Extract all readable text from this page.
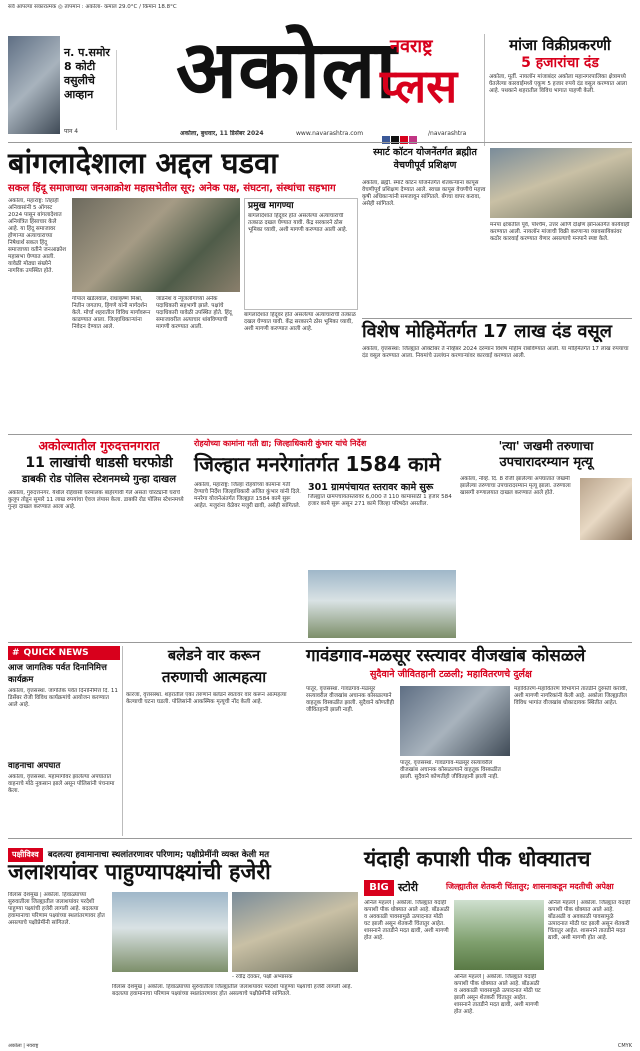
सर्व आपल्या सकारात्मक ◎ तापमान : अकोला- कमाल 29.0°C / किमान 18.8°C
न. प.समोर 8 कोटी वसुलीचे आव्हान अकोला
नवराष्ट्र
प्लस
पान 4	अकोला, बुधवार, 11 डिसेंबर 2024	www.navarashtra.com	/navarashtra
मांजा विक्रीप्रकरणी
5 हजारांचा दंड
अकोला, मूर्ती. नायलॉन मांजाबंदर अकोला महानगरपालिका क्षेत्रामध्ये घेतलेल्या कारवाईमध्ये एकूण 5 हजार रुपये दंड वसूल करण्यात आला आहे. पथकाने शहरातील विविध भागात पाहणी केली.
बांगलादेशाला अद्दल घडवा
सकल हिंदू समाजाच्या जनआक्रोश महासभेतील सूर; अनेक पक्ष, संघटना, संस्थांचा सहभाग
अकोला, महाराष्ट्र: तिहाही अनिवासांनी 5 ऑगस्ट 2024 पासून बांगलादेशात अनियंत्रित हिंसाचार केले आहे. या हिंदू समाजावर होणाऱ्या अत्याचाराच्या निषेधार्थ सकल हिंदू समाजाच्या वतीने जनआक्रोश महासभा घेण्यात आली. यावेळी मोठ्या संख्येने नागरिक उपस्थित होते.
प्रमुख मागण्या
बांगलादेशात हिंदूंवर होत असलेल्या अत्याचारांची तत्काळ दखल घेण्यात यावी. केंद्र सरकारने ठोस भूमिका घ्यावी, अशी मागणी करण्यात आली आहे.
गोपाल खंडेलवाल, राधाकृष्ण मिश्रा, नितीन जगताप, हिंगणे यांनी मार्गदर्शन केले. मोर्चा शहरातील विविध मार्गांवरून काढण्यात आला. जिल्हाधिकाऱ्यांना निवेदन देण्यात आले.
जाडनेश व न्यूजलोगांच्या अनेक पदाधिकारी सहभागी झाले. पक्षांचे पदाधिकारी यावेळी उपस्थित होते. हिंदू समाजावरील अत्याचार थांबविण्याची मागणी करण्यात आली.
बांगलादेशात हिंदूंवर होत असलेल्या अत्याचारांची तत्काळ दखल घेण्यात यावी. केंद्र सरकारने ठोस भूमिका घ्यावी, अशी मागणी करण्यात आली आहे.
स्मार्ट कॉटन योजनेंतर्गत ब्रह्मीत वेचणीपूर्व प्रशिक्षण
अकोला, ब्रह्मी. स्मार्ट कॉटन योजनेंतर्गत शेतकऱ्यांना कापूस वेचणीपूर्व प्रशिक्षण देण्यात आले. स्वच्छ कापूस वेचणीचे महत्त्व कृषी अधिकाऱ्यांनी समजावून सांगितले. बॅगचा वापर करावा, असेही सांगितले.
मनपा क्षेत्रातील पूर्व, पश्चिम, उत्तर आणि दक्षिण झोनअंतर्गत कार्यवाही करण्यात आली. नायलॉन मांजाची विक्री करणाऱ्या व्यावसायिकांवर कठोर कारवाई करण्यात येणार असल्याचे मनपाने स्पष्ट केले.
विशेष मोहिमेंतर्गत 17 लाख दंड वसूल
अकोला, वृत्तसंस्था: जिल्ह्यात ऑक्टोबर ते नोव्हेंबर 2024 दरम्यान विशेष मोहीम राबविण्यात आली. या मोहिमेंतर्गत 17 लाख रुपयांचा दंड वसूल करण्यात आला. नियमांचे उल्लंघन करणाऱ्यांवर कारवाई करण्यात आली.
अकोल्यातील गुरुदत्तनगरात
11 लाखांची धाडसी घरफोडी
डाबकी रोड पोलिस स्टेशनमध्ये गुन्हा दाखल
अकोला, गुरुदत्तनगर. येथील रहिवासी घरमालक बाहेरगावी गेले असता चोरट्यांनी घराचे कुलूप तोडून सुमारे 11 लाख रुपयांचा ऐवज लंपास केला. डाबकी रोड पोलिस स्टेशनमध्ये गुन्हा दाखल करण्यात आला आहे.
रोहयोच्या कामांना गती द्या; जिल्हाधिकारी कुंभार यांचे निर्देश
जिल्हात मनरेगांतर्गत 1584 कामे
अकोला, महाराष्ट्र: जिल्हा रोहयोच्या कामांना गती देण्याचे निर्देश जिल्हाधिकारी अजित कुंभार यांनी दिले. मनरेगा योजनेअंतर्गत जिल्ह्यात 1584 कामे सुरू आहेत. मजुरांना वेळेवर मजुरी द्यावी, असेही सांगितले.
301 ग्रामपंचायत स्तरावर कामे सुरू
जिल्ह्यात ग्रामपंचायतस्तरावर 6,000 ते 110 कामांसाठी 1 हजार 584 हजार कामे सुरू असून 271 कामे जिल्हा परिषदेत असतील.
'त्या' जखमी तरुणाचा
उपचारादरम्यान मृत्यू
अकोला, नोव्हे. दि. 8 रोजी झालेल्या अपघातात जखमी झालेल्या तरुणाचा उपचारादरम्यान मृत्यू झाला. तरुणाला खासगी रुग्णालयात दाखल करण्यात आले होते.
# QUICK NEWS
आज जागतिक पर्वत दिनानिमित्त कार्यक्रम
अकोला, वृत्तसंस्था. जागतिक पर्वत दिनानिमित्त दि. 11 डिसेंबर रोजी विविध कार्यक्रमांचे आयोजन करण्यात आले आहे.
वाहनाचा अपघात
अकोला, वृत्तसंस्था. महामार्गावर झालेल्या अपघातात वाहनाचे मोठे नुकसान झाले असून पोलिसांनी पंचनामा केला.
बलेडने वार करून
तरुणाची आत्महत्या
कारंजा, वृत्तसंस्था. शहरातील एका तरुणाने बलेडने स्वतःवर वार करून आत्महत्या केल्याची घटना घडली. पोलिसांनी आकस्मिक मृत्यूची नोंद केली आहे.
गावंडगाव-मळसूर रस्त्यावर वीजखांब कोसळले
सुदैवाने जीवितहानी टळली; महावितरणचे दुर्लक्ष
पातूर, वृत्तसंस्था. गावंडगाव-मळसूर रस्त्यावरील वीजखांब अचानक कोसळल्याने वाहतूक विस्कळीत झाली. सुदैवाने कोणतीही जीवितहानी झाली नाही.
पातूर, वृत्तसंस्था. गावंडगाव-मळसूर रस्त्यावरील वीजखांब अचानक कोसळल्याने वाहतूक विस्कळीत झाली. सुदैवाने कोणतीही जीवितहानी झाली नाही.
महावितरण-महावितरण विभागाने तातडीने दुरुस्ती करावी, अशी मागणी नागरिकांनी केली आहे. अकोला जिल्ह्यातील विविध भागांत वीजखांब धोकादायक स्थितीत आहेत.
पक्षीविश्व बदलत्या हवामानाचा स्थलांतरणावर परिणाम; पक्षीप्रेमींनी व्यक्त केली मत
जलाशयांवर पाहुण्यापक्ष्यांची हजेरी
विलास देशमुख | अकोला. हिवाळ्याच्या सुरुवातीला जिल्ह्यातील जलाशयांवर परदेशी पाहुण्या पक्ष्यांची हजेरी लागली आहे. बदलत्या हवामानाचा परिणाम पक्ष्यांच्या स्थलांतरणावर होत असल्याचे पक्षीप्रेमींनी सांगितले.
- रवींद्र देवकर, पक्षी अभ्यासक
विलास देशमुख | अकोला. हिवाळ्याच्या सुरुवातीला जिल्ह्यातील जलाशयांवर परदेशी पाहुण्या पक्ष्यांची हजेरी लागली आहे. बदलत्या हवामानाचा परिणाम पक्ष्यांच्या स्थलांतरणावर होत असल्याचे पक्षीप्रेमींनी सांगितले.
BIG स्टोरी
यंदाही कपाशी पीक धोक्यातच
जिल्ह्यातील शेतकरी चिंतातुर; शासनाकडून मदतीची अपेक्षा
अनिल महल्ले | अकोला. जिल्ह्यात यंदाही कपाशी पीक धोक्यात आले आहे. बोंडअळी व अवकाळी पावसामुळे उत्पादनात मोठी घट झाली असून शेतकरी चिंतातुर आहेत. शासनाने तातडीने मदत द्यावी, अशी मागणी होत आहे.
अनिल महल्ले | अकोला. जिल्ह्यात यंदाही कपाशी पीक धोक्यात आले आहे. बोंडअळी व अवकाळी पावसामुळे उत्पादनात मोठी घट झाली असून शेतकरी चिंतातुर आहेत. शासनाने तातडीने मदत द्यावी, अशी मागणी होत आहे.
अनिल महल्ले | अकोला. जिल्ह्यात यंदाही कपाशी पीक धोक्यात आले आहे. बोंडअळी व अवकाळी पावसामुळे उत्पादनात मोठी घट झाली असून शेतकरी चिंतातुर आहेत. शासनाने तातडीने मदत द्यावी, अशी मागणी होत आहे.
अकोला | नवराष्ट्र	CMYK
